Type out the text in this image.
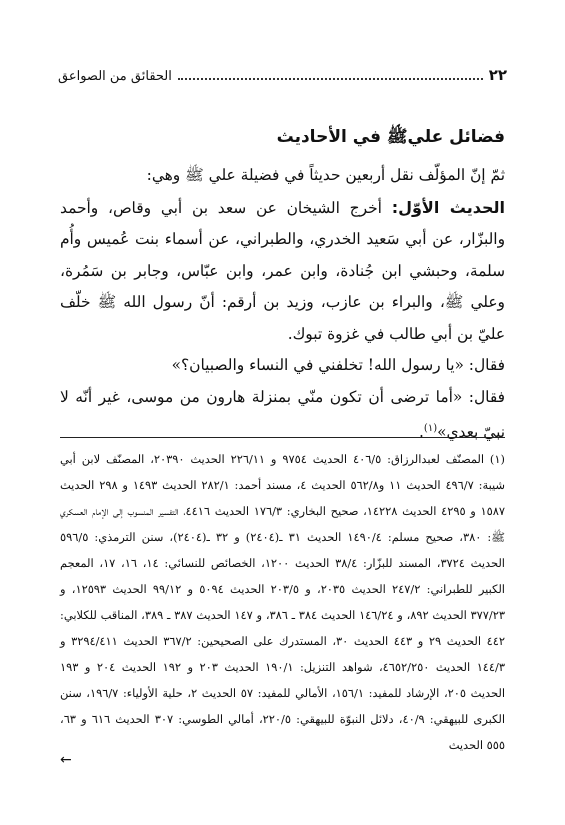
٢٢
الحقائق من الصواعق
فضائل عليﷺ في الأحاديث

ثمّ إنّ المؤلّف نقل أربعين حديثاً في فضيلة علي ﷺ وهي:

الحديث الأوّل: أخرج الشيخان عن سعد بن أبي وقاص، وأحمد والبزّار، عن أبي سَعيد الخدري، والطبراني، عن أسماء بنت عُميس وأُم سلمة، وحبشي ابن جُنادة، وابن عمر، وابن عبّاس، وجابر بن سَمُرة، وعلي ﷺ، والبراء بن عازب، وزيد بن أرقم: أنّ رسول الله ﷺ خلّف عليّ بن أبي طالب في غزوة تبوك.

فقال: «يا رسول الله! تخلفني في النساء والصبيان؟»

فقال: «أما ترضى أن تكون منّي بمنزلة هارون من موسى، غير أنّه لا نبيّ بعدي»$^{(١)}$.

(١) المصنّف لعبدالرزاق: ٤٠٦/٥ الحديث ٩٧٥٤ و ٢٢٦/١١ الحديث ٢٠٣٩٠، المصنّف لابن أبي شيبة: ٤٩٦/٧ الحديث ١١ و٥٦٢/٨ الحديث ٤، مسند أحمد: ٢٨٢/١ الحديث ١٤٩٣ و ٢٩٨ الحديث ١٥٨٧ و ٤٢٩٥ الحديث ١٤٢٢٨، صحيح البخاري: ١٧٦/٣ الحديث ٤٤١٦، التفسير المنسوب إلى الإمام العسكري ﷺ: ٣٨٠، صحيح مسلم: ١٤٩٠/٤ الحديث ٣١ ـ(٢٤٠٤) و ٣٢ ـ(٢٤٠٤)، سنن الترمذي: ٥٩٦/٥ الحديث ٣٧٢٤، المسند للبزّار: ٣٨/٤ الحديث ١٢٠٠، الخصائص للنسائي: ١٤، ١٦، ١٧، المعجم الكبير للطبراني: ٢٤٧/٢ الحديث ٢٠٣٥، و ٢٠٣/٥ الحديث ٥٠٩٤ و ٩٩/١٢ الحديث ١٢٥٩٣، و ٣٧٧/٢٣ الحديث ٨٩٢، و ١٤٦/٢٤ الحديث ٣٨٤ ـ ٣٨٦، و ١٤٧ الحديث ٣٨٧ ـ ٣٨٩، المناقب للكلابي: ٤٤٢ الحديث ٢٩ و ٤٤٣ الحديث ٣٠، المستدرك على الصحيحين: ٣٦٧/٢ الحديث ٣٢٩٤/٤١١ و ١٤٤/٣ الحديث ٤٦٥٢/٢٥٠، شواهد التنزيل: ١٩٠/١ الحديث ٢٠٣ و ١٩٢ الحديث ٢٠٤ و ١٩٣ الحديث ٢٠٥، الإرشاد للمفيد: ١٥٦/١، الأمالي للمفيد: ٥٧ الحديث ٢، حلية الأولياء: ١٩٦/٧، سنن الكبرى للبيهقي: ٤٠/٩، دلائل النبوّة للبيهقي: ٢٢٠/٥، أمالي الطوسي: ٣٠٧ الحديث ٦١٦ و ٦٣، ٥٥٥ الحديث
←
